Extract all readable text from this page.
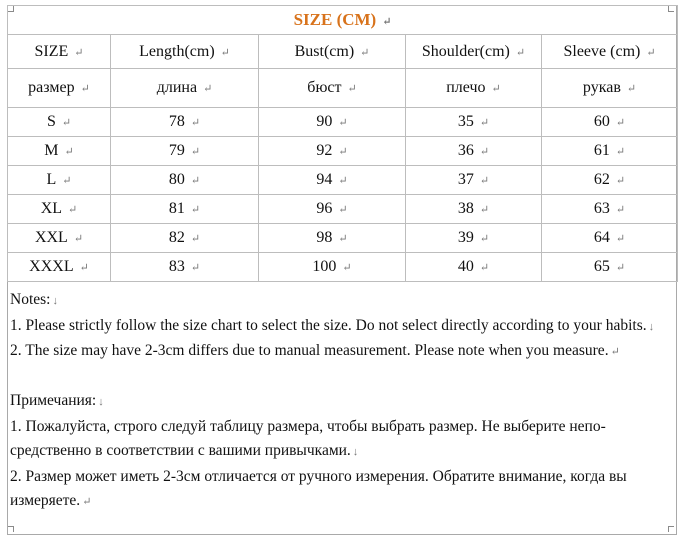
SIZE (CM) ↵				
SIZE ↵	Length(cm) ↵	Bust(cm) ↵	Shoulder(cm) ↵	Sleeve (cm) ↵
размер ↵	длина ↵	бюст ↵	плечо ↵	рукав ↵
S ↵	78 ↵	90 ↵	35 ↵	60 ↵
M ↵	79 ↵	92 ↵	36 ↵	61 ↵
L ↵	80 ↵	94 ↵	37 ↵	62 ↵
XL ↵	81 ↵	96 ↵	38 ↵	63 ↵
XXL ↵	82 ↵	98 ↵	39 ↵	64 ↵
XXXL ↵	83 ↵	100 ↵	40 ↵	65 ↵

Notes: ↓

1. Please strictly follow the size chart to select the size. Do not select directly according to your habits. ↓

2. The size may have 2-3cm differs due to manual measurement. Please note when you measure. ↵

Примечания: ↓

1. Пожалуйста, строго следуй таблицу размера, чтобы выбрать размер. Не выберите непо-средственно в соответствии с вашими привычками. ↓

2. Размер может иметь 2-3см отличается от ручного измерения. Обратите внимание, когда вы измеряете. ↵
